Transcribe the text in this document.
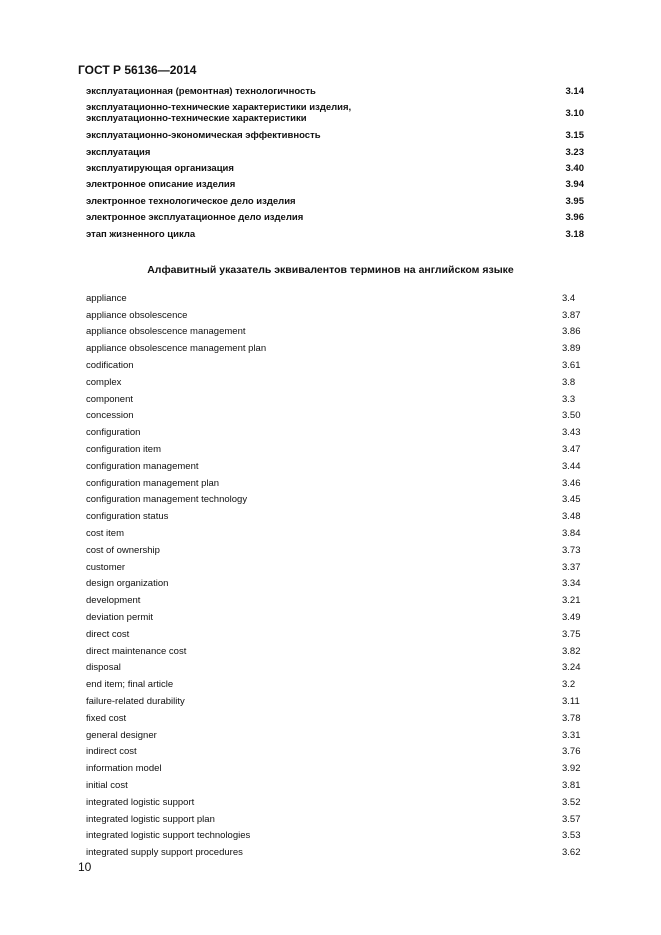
ГОСТ Р 56136—2014
эксплуатационная (ремонтная) технологичность	3.14
эксплуатационно-технические характеристики изделия,
эксплуатационно-технические характеристики	3.10
эксплуатационно-экономическая эффективность	3.15
эксплуатация	3.23
эксплуатирующая организация	3.40
электронное описание изделия	3.94
электронное технологическое дело изделия	3.95
электронное эксплуатационное дело изделия	3.96
этап жизненного цикла	3.18
Алфавитный указатель эквивалентов терминов на английском языке
appliance	3.4
appliance obsolescence	3.87
appliance obsolescence management	3.86
appliance obsolescence management plan	3.89
codification	3.61
complex	3.8
component	3.3
concession	3.50
configuration	3.43
configuration item	3.47
configuration management	3.44
configuration management plan	3.46
configuration management technology	3.45
configuration status	3.48
cost item	3.84
cost of ownership	3.73
customer	3.37
design organization	3.34
development	3.21
deviation permit	3.49
direct cost	3.75
direct maintenance cost	3.82
disposal	3.24
end item; final article	3.2
failure-related durability	3.11
fixed cost	3.78
general designer	3.31
indirect cost	3.76
information model	3.92
initial cost	3.81
integrated logistic support	3.52
integrated logistic support plan	3.57
integrated logistic support technologies	3.53
integrated supply support procedures	3.62
10
